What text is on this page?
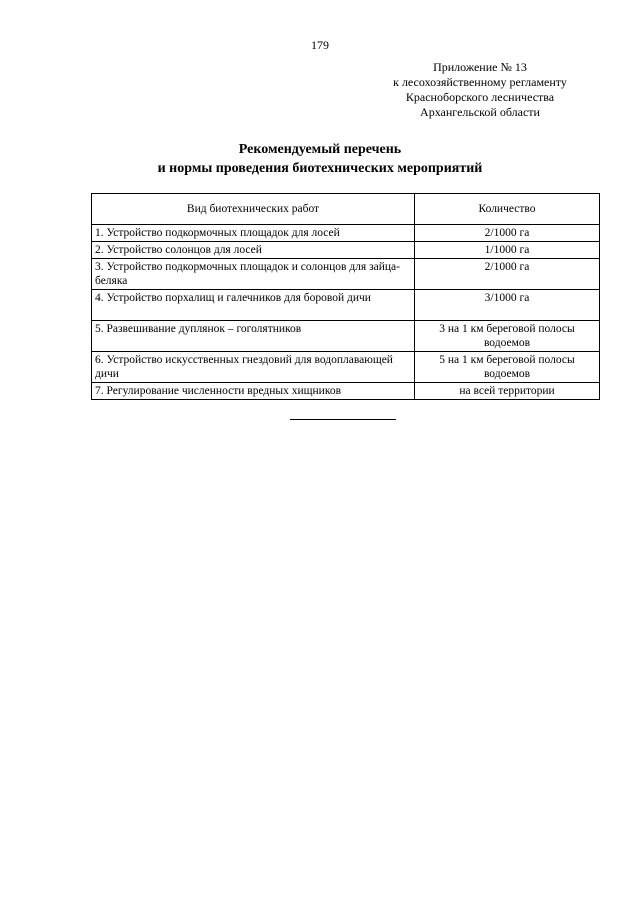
179
Приложение № 13
к лесохозяйственному регламенту
Красноборского лесничества
Архангельской области
Рекомендуемый перечень
и нормы проведения биотехнических мероприятий
Вид биотехнических работ	Количество
1. Устройство подкормочных площадок для лосей	2/1000 га
2. Устройство солонцов для лосей	1/1000 га
3. Устройство подкормочных площадок и солонцов для зайца-беляка	2/1000 га
4. Устройство порхалищ и галечников для боровой дичи	3/1000 га
5. Развешивание дуплянок – гоголятников	3 на 1 км береговой полосы водоемов
6. Устройство искусственных гнездовий для водоплавающей дичи	5 на 1 км береговой полосы водоемов
7. Регулирование численности вредных хищников	на всей территории
